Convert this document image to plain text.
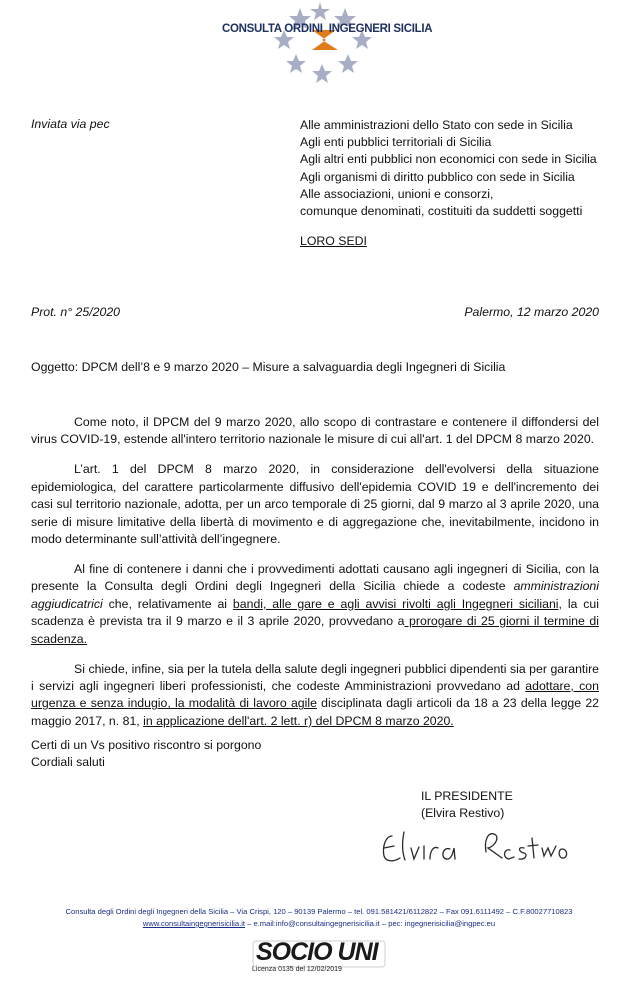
CONSULTA ORDINI INGEGNERI SICILIA
Inviata via pec	Alle amministrazioni dello Stato con sede in Sicilia
Agli enti pubblici territoriali di Sicilia
Agli altri enti pubblici non economici con sede in Sicilia
Agli organismi di diritto pubblico con sede in Sicilia
Alle associazioni, unioni e consorzi,
comunque denominati, costituiti da suddetti soggetti
LORO SEDI
Prot. n° 25/2020	Palermo, 12 marzo 2020
Oggetto: DPCM dell’8 e 9 marzo 2020 – Misure a salvaguardia degli Ingegneri di Sicilia

Come noto, il DPCM del 9 marzo 2020, allo scopo di contrastare e contenere il diffondersi del virus COVID-19, estende all'intero territorio nazionale le misure di cui all'art. 1 del DPCM 8 marzo 2020.

L’art. 1 del DPCM 8 marzo 2020, in considerazione dell'evolversi della situazione epidemiologica, del carattere particolarmente diffusivo dell'epidemia COVID 19 e dell'incremento dei casi sul territorio nazionale, adotta, per un arco temporale di 25 giorni, dal 9 marzo al 3 aprile 2020, una serie di misure limitative della libertà di movimento e di aggregazione che, inevitabilmente, incidono in modo determinante sull’attività dell’ingegnere.

Al fine di contenere i danni che i provvedimenti adottati causano agli ingegneri di Sicilia, con la presente la Consulta degli Ordini degli Ingegneri della Sicilia chiede a codeste amministrazioni aggiudicatrici che, relativamente ai bandi, alle gare e agli avvisi rivolti agli Ingegneri siciliani, la cui scadenza è prevista tra il 9 marzo e il 3 aprile 2020, provvedano a prorogare di 25 giorni il termine di scadenza.

Si chiede, infine, sia per la tutela della salute degli ingegneri pubblici dipendenti sia per garantire i servizi agli ingegneri liberi professionisti, che codeste Amministrazioni provvedano ad adottare, con urgenza e senza indugio, la modalità di lavoro agile disciplinata dagli articoli da 18 a 23 della legge 22 maggio 2017, n. 81, in applicazione dell'art. 2 lett. r) del DPCM 8 marzo 2020.

Certi di un Vs positivo riscontro si porgono
Cordiali saluti
IL PRESIDENTE
(Elvira Restivo)
Consulta degli Ordini degli Ingegneri della Sicilia – Via Crispi, 120 – 90139 Palermo – tel. 091.581421/6112822 – Fax 091.6111492 – C.F.80027710823
www.consultaingegnerisicilia.it – e.mail:info@consultaingegnerisicilia.it – pec: ingegnerisicilia@ingpec.eu
SOCIO UNI
Licenza 0135 del 12/02/2019
